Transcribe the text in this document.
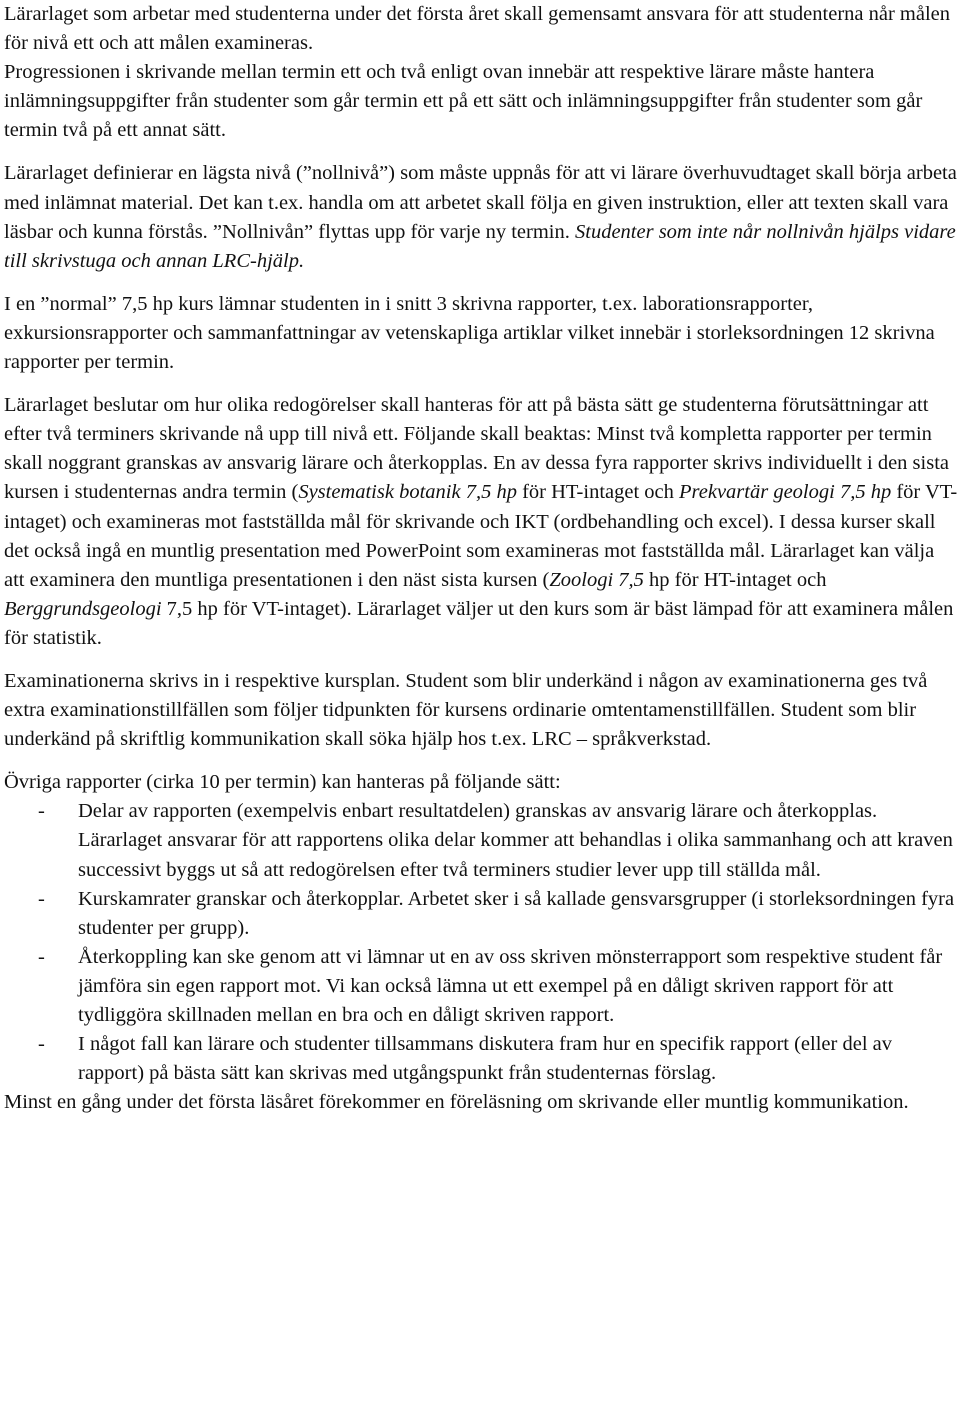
Lärarlaget som arbetar med studenterna under det första året skall gemensamt ansvara för att studenterna når målen för nivå ett och att målen examineras.

Progressionen i skrivande mellan termin ett och två enligt ovan innebär att respektive lärare måste hantera inlämningsuppgifter från studenter som går termin ett på ett sätt och inlämningsuppgifter från studenter som går termin två på ett annat sätt.

Lärarlaget definierar en lägsta nivå (”nollnivå”) som måste uppnås för att vi lärare överhuvudtaget skall börja arbeta med inlämnat material. Det kan t.ex. handla om att arbetet skall följa en given instruktion, eller att texten skall vara läsbar och kunna förstås. ”Nollnivån” flyttas upp för varje ny termin. Studenter som inte når nollnivån hjälps vidare till skrivstuga och annan LRC-hjälp.

I en ”normal” 7,5 hp kurs lämnar studenten in i snitt 3 skrivna rapporter, t.ex. laborationsrapporter, exkursionsrapporter och sammanfattningar av vetenskapliga artiklar vilket innebär i storleksordningen 12 skrivna rapporter per termin.

Lärarlaget beslutar om hur olika redogörelser skall hanteras för att på bästa sätt ge studenterna förutsättningar att efter två terminers skrivande nå upp till nivå ett. Följande skall beaktas: Minst två kompletta rapporter per termin skall noggrant granskas av ansvarig lärare och återkopplas. En av dessa fyra rapporter skrivs individuellt i den sista kursen i studenternas andra termin (Systematisk botanik 7,5 hp för HT-intaget och Prekvartär geologi 7,5 hp för VT-intaget) och examineras mot fastställda mål för skrivande och IKT (ordbehandling och excel). I dessa kurser skall det också ingå en muntlig presentation med PowerPoint som examineras mot fastställda mål. Lärarlaget kan välja att examinera den muntliga presentationen i den näst sista kursen (Zoologi 7,5 hp för HT-intaget och Berggrundsgeologi 7,5 hp för VT-intaget). Lärarlaget väljer ut den kurs som är bäst lämpad för att examinera målen för statistik.

Examinationerna skrivs in i respektive kursplan. Student som blir underkänd i någon av examinationerna ges två extra examinationstillfällen som följer tidpunkten för kursens ordinarie omtentamenstillfällen. Student som blir underkänd på skriftlig kommunikation skall söka hjälp hos t.ex. LRC – språkverkstad.

Övriga rapporter (cirka 10 per termin) kan hanteras på följande sätt:

- Delar av rapporten (exempelvis enbart resultatdelen) granskas av ansvarig lärare och återkopplas. Lärarlaget ansvarar för att rapportens olika delar kommer att behandlas i olika sammanhang och att kraven successivt byggs ut så att redogörelsen efter två terminers studier lever upp till ställda mål.
- Kurskamrater granskar och återkopplar. Arbetet sker i så kallade gensvarsgrupper (i storleksordningen fyra studenter per grupp).
- Återkoppling kan ske genom att vi lämnar ut en av oss skriven mönsterrapport som respektive student får jämföra sin egen rapport mot. Vi kan också lämna ut ett exempel på en dåligt skriven rapport för att tydliggöra skillnaden mellan en bra och en dåligt skriven rapport.
- I något fall kan lärare och studenter tillsammans diskutera fram hur en specifik rapport (eller del av rapport) på bästa sätt kan skrivas med utgångspunkt från studenternas förslag.

Minst en gång under det första läsåret förekommer en föreläsning om skrivande eller muntlig kommunikation.
